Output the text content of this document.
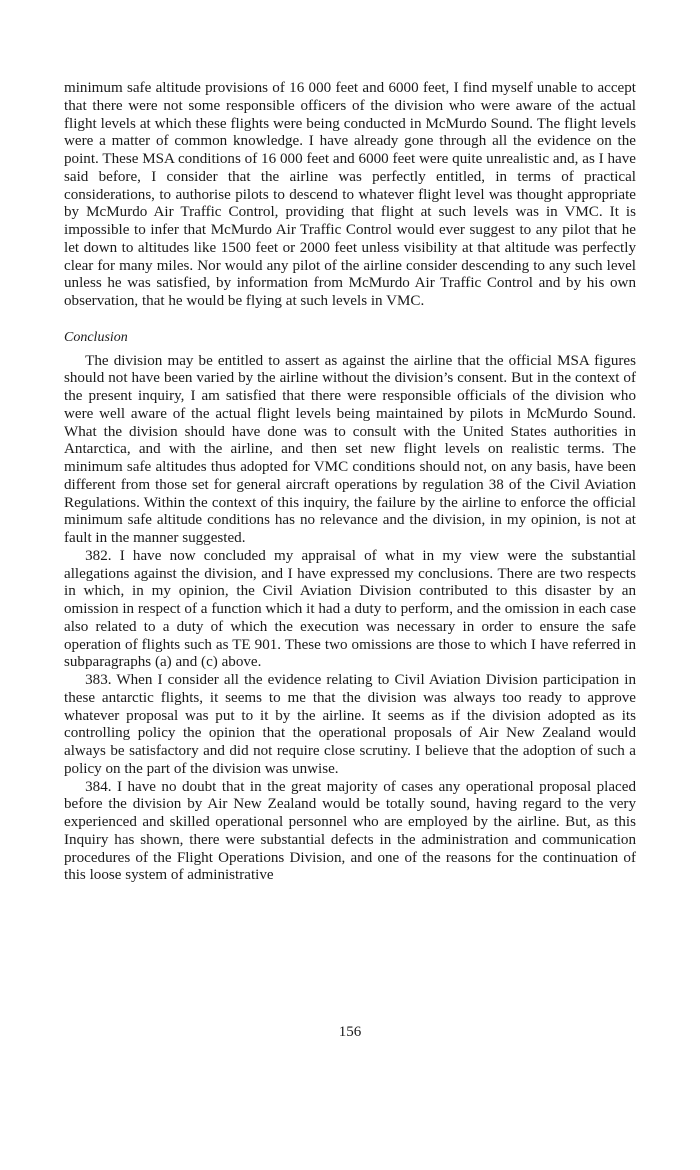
minimum safe altitude provisions of 16 000 feet and 6000 feet, I find myself unable to accept that there were not some responsible officers of the division who were aware of the actual flight levels at which these flights were being conducted in McMurdo Sound. The flight levels were a matter of common knowledge. I have already gone through all the evidence on the point. These MSA conditions of 16 000 feet and 6000 feet were quite unrealistic and, as I have said before, I consider that the airline was perfectly entitled, in terms of practical considerations, to authorise pilots to descend to whatever flight level was thought appropriate by McMurdo Air Traffic Control, providing that flight at such levels was in VMC. It is impossible to infer that McMurdo Air Traffic Control would ever suggest to any pilot that he let down to altitudes like 1500 feet or 2000 feet unless visibility at that altitude was perfectly clear for many miles. Nor would any pilot of the airline consider descending to any such level unless he was satisfied, by information from McMurdo Air Traffic Control and by his own observation, that he would be flying at such levels in VMC.

Conclusion

The division may be entitled to assert as against the airline that the official MSA figures should not have been varied by the airline without the division’s consent. But in the context of the present inquiry, I am satisfied that there were responsible officials of the division who were well aware of the actual flight levels being maintained by pilots in McMurdo Sound. What the division should have done was to consult with the United States authorities in Antarctica, and with the airline, and then set new flight levels on realistic terms. The minimum safe altitudes thus adopted for VMC conditions should not, on any basis, have been different from those set for general aircraft operations by regulation 38 of the Civil Aviation Regulations. Within the context of this inquiry, the failure by the airline to enforce the official minimum safe altitude conditions has no relevance and the division, in my opinion, is not at fault in the manner suggested.

382. I have now concluded my appraisal of what in my view were the substantial allegations against the division, and I have expressed my conclusions. There are two respects in which, in my opinion, the Civil Aviation Division contributed to this disaster by an omission in respect of a function which it had a duty to perform, and the omission in each case also related to a duty of which the execution was necessary in order to ensure the safe operation of flights such as TE 901. These two omissions are those to which I have referred in subparagraphs (a) and (c) above.

383. When I consider all the evidence relating to Civil Aviation Division participation in these antarctic flights, it seems to me that the division was always too ready to approve whatever proposal was put to it by the airline. It seems as if the division adopted as its controlling policy the opinion that the operational proposals of Air New Zealand would always be satisfactory and did not require close scrutiny. I believe that the adoption of such a policy on the part of the division was unwise.

384. I have no doubt that in the great majority of cases any operational proposal placed before the division by Air New Zealand would be totally sound, having regard to the very experienced and skilled operational personnel who are employed by the airline. But, as this Inquiry has shown, there were substantial defects in the administration and communication procedures of the Flight Operations Division, and one of the reasons for the continuation of this loose system of administrative

156
